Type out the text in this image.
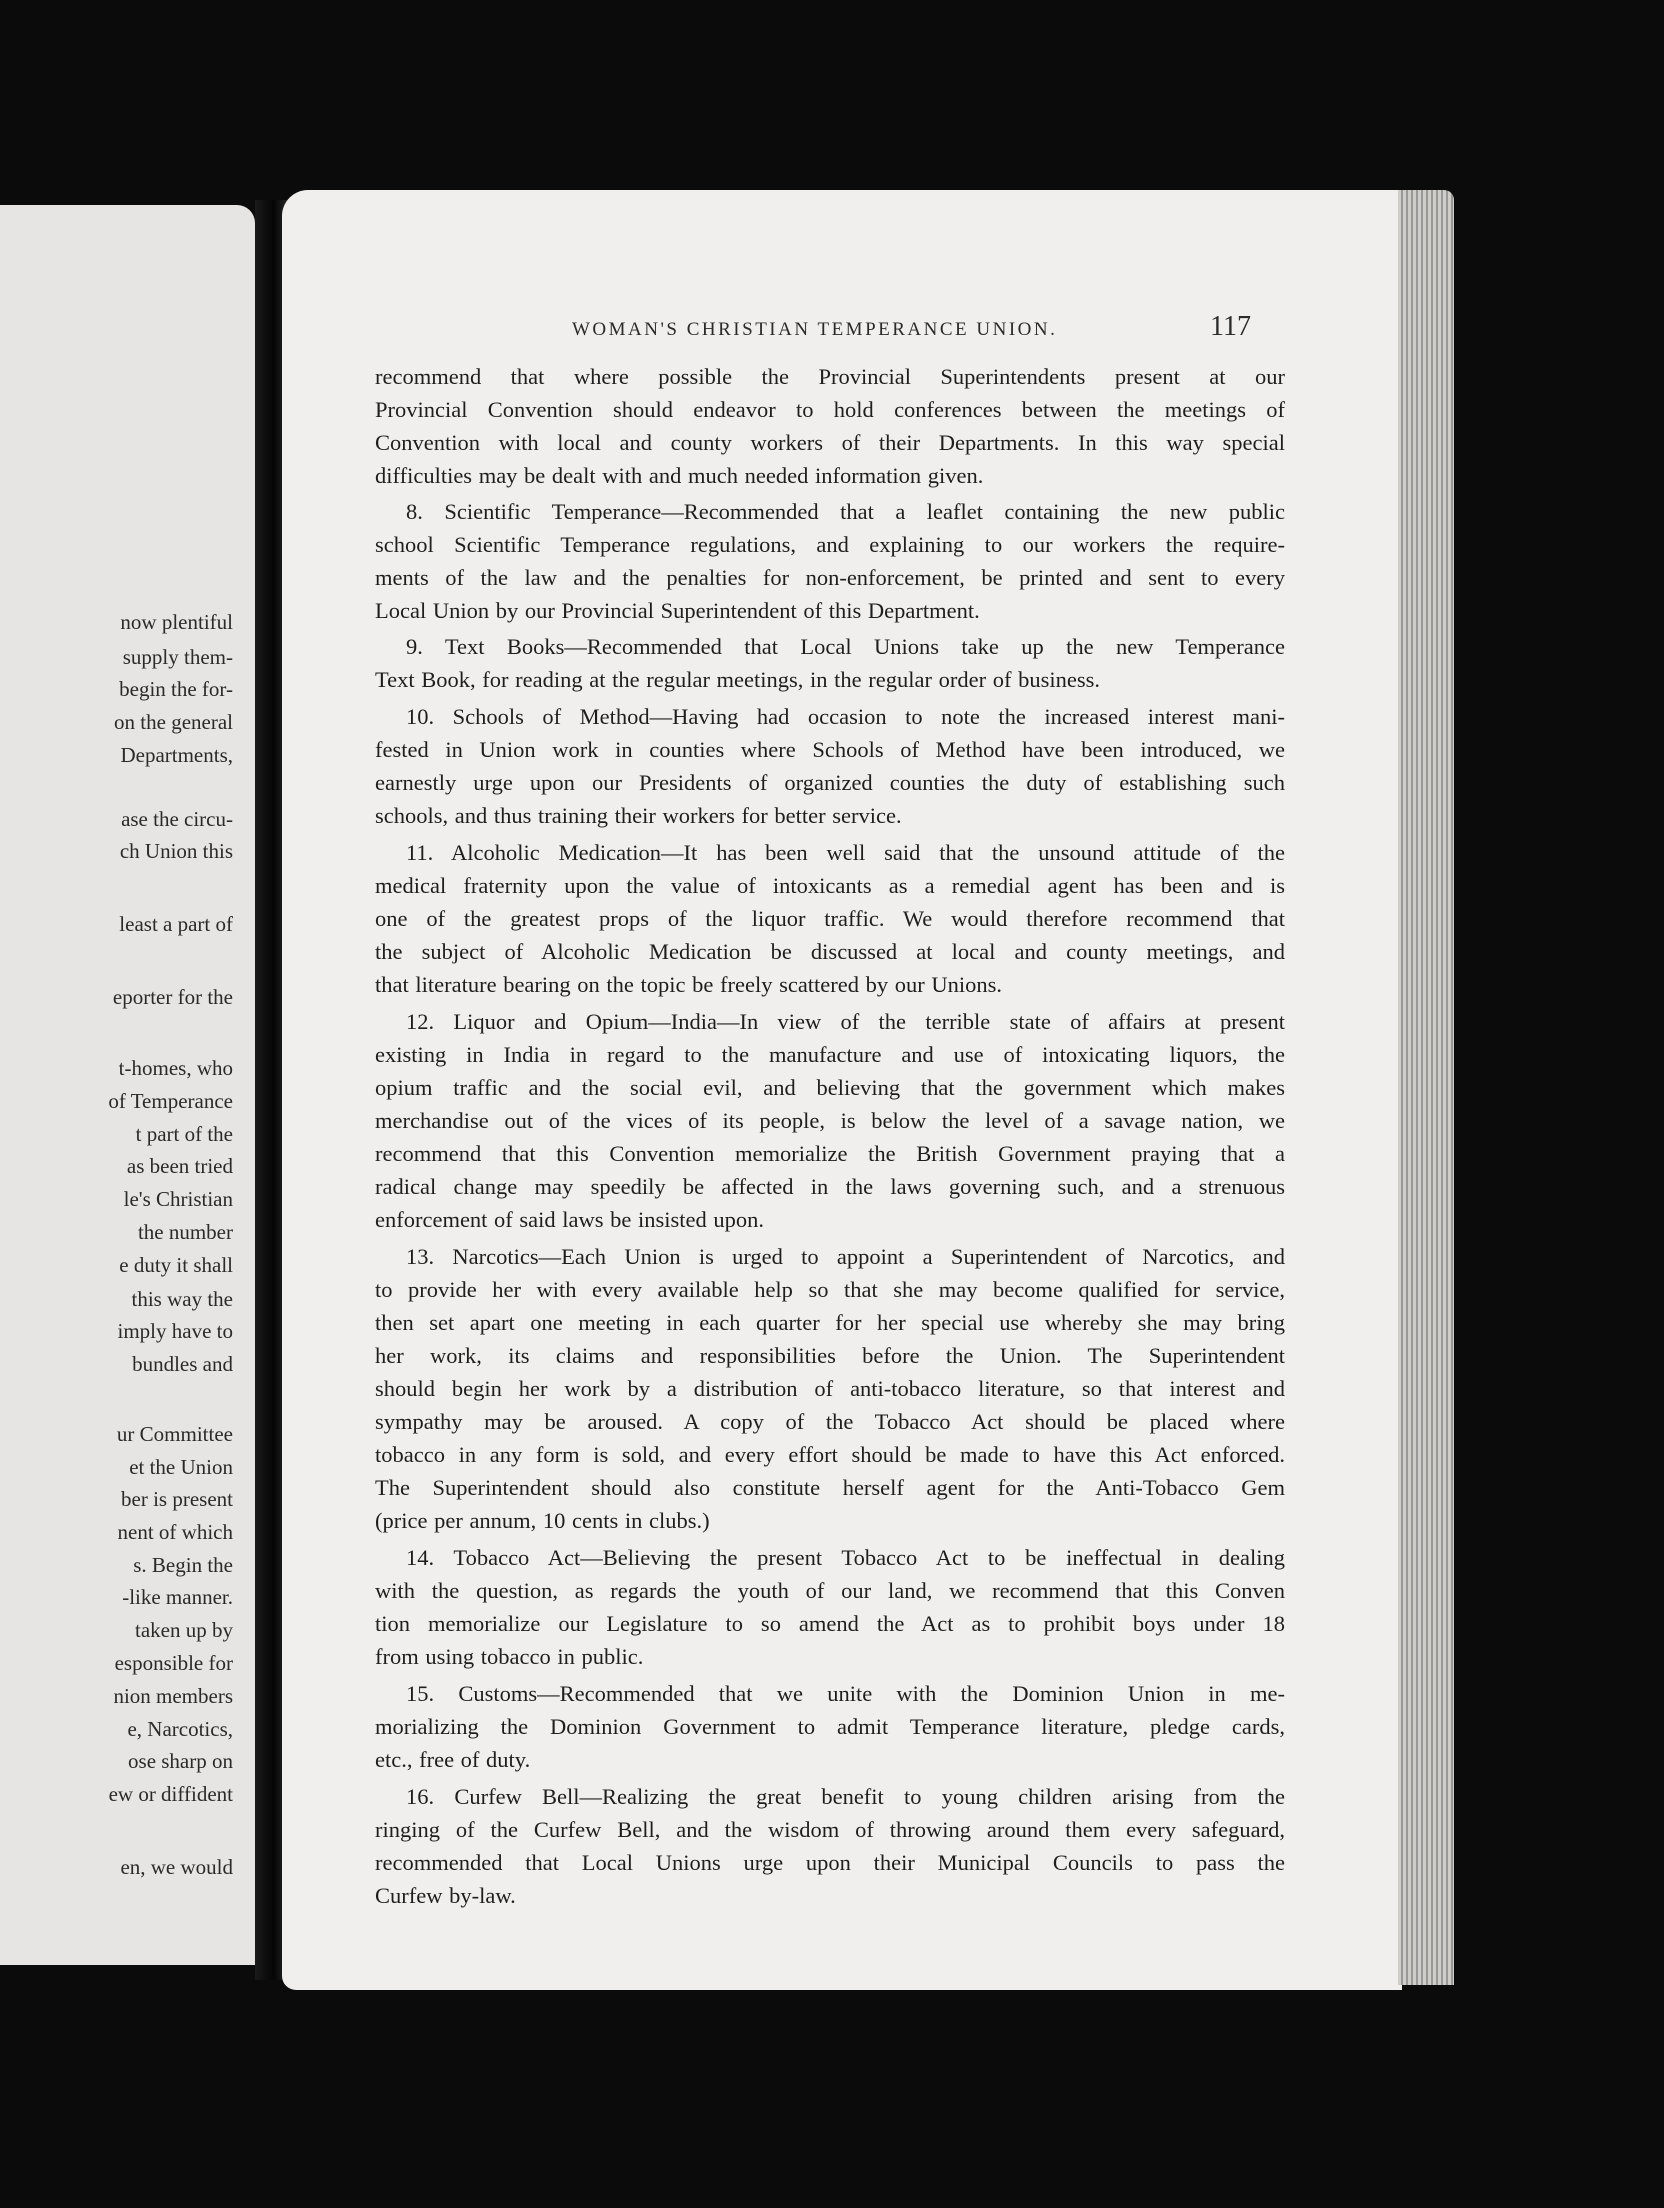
now plentiful
supply them-
begin the for-
on the general
Departments,
ase the circu-
ch Union this
least a part of
eporter for the
t-homes, who
of Temperance
t part of the
as been tried
le's Christian
the number
e duty it shall
this way the
imply have to
bundles and
ur Committee
et the Union
ber is present
nent of which
s. Begin the
-like manner.
taken up by
esponsible for
nion members
e, Narcotics,
ose sharp on
ew or diffident
en, we would
WOMAN'S CHRISTIAN TEMPERANCE UNION.	117
recommend that where possible the Provincial Superintendents present at our
Provincial Convention should endeavor to hold conferences between the meetings of
Convention with local and county workers of their Departments. In this way special
difficulties may be dealt with and much needed information given.
8. Scientific Temperance—Recommended that a leaflet containing the new public
school Scientific Temperance regulations, and explaining to our workers the require-
ments of the law and the penalties for non-enforcement, be printed and sent to every
Local Union by our Provincial Superintendent of this Department.
9. Text Books—Recommended that Local Unions take up the new Temperance
Text Book, for reading at the regular meetings, in the regular order of business.
10. Schools of Method—Having had occasion to note the increased interest mani-
fested in Union work in counties where Schools of Method have been introduced, we
earnestly urge upon our Presidents of organized counties the duty of establishing such
schools, and thus training their workers for better service.
11. Alcoholic Medication—It has been well said that the unsound attitude of the
medical fraternity upon the value of intoxicants as a remedial agent has been and is
one of the greatest props of the liquor traffic. We would therefore recommend that
the subject of Alcoholic Medication be discussed at local and county meetings, and
that literature bearing on the topic be freely scattered by our Unions.
12. Liquor and Opium—India—In view of the terrible state of affairs at present
existing in India in regard to the manufacture and use of intoxicating liquors, the
opium traffic and the social evil, and believing that the government which makes
merchandise out of the vices of its people, is below the level of a savage nation, we
recommend that this Convention memorialize the British Government praying that a
radical change may speedily be affected in the laws governing such, and a strenuous
enforcement of said laws be insisted upon.
13. Narcotics—Each Union is urged to appoint a Superintendent of Narcotics, and
to provide her with every available help so that she may become qualified for service,
then set apart one meeting in each quarter for her special use whereby she may bring
her work, its claims and responsibilities before the Union. The Superintendent
should begin her work by a distribution of anti-tobacco literature, so that interest and
sympathy may be aroused. A copy of the Tobacco Act should be placed where
tobacco in any form is sold, and every effort should be made to have this Act enforced.
The Superintendent should also constitute herself agent for the Anti-Tobacco Gem
(price per annum, 10 cents in clubs.)
14. Tobacco Act—Believing the present Tobacco Act to be ineffectual in dealing
with the question, as regards the youth of our land, we recommend that this Conven
tion memorialize our Legislature to so amend the Act as to prohibit boys under 18
from using tobacco in public.
15. Customs—Recommended that we unite with the Dominion Union in me-
morializing the Dominion Government to admit Temperance literature, pledge cards,
etc., free of duty.
16. Curfew Bell—Realizing the great benefit to young children arising from the
ringing of the Curfew Bell, and the wisdom of throwing around them every safeguard,
recommended that Local Unions urge upon their Municipal Councils to pass the
Curfew by-law.
